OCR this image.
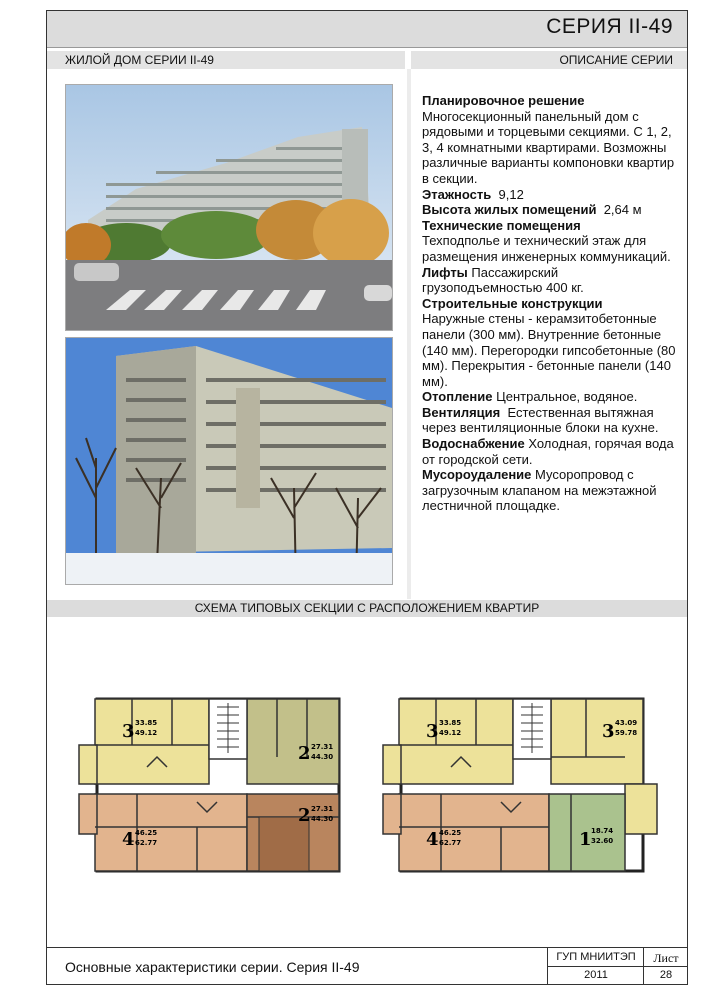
СЕРИЯ II-49
ЖИЛОЙ ДОМ СЕРИИ II-49	ОПИСАНИЕ СЕРИИ
Планировочное решение
Многосекционный панельный дом с рядовыми и торцевыми секциями. С 1, 2, 3, 4 комнатными квартирами. Возможны различные варианты компоновки квартир в секции.
Этажность  9,12
Высота жилых помещений  2,64 м
Технические помещения
Техподполье и технический этаж для размещения инженерных коммуникаций.
Лифты Пассажирский грузоподъемностью 400 кг.
Строительные конструкции
Наружные стены - керамзитобетонные панели (300 мм). Внутренние бетонные (140 мм). Перегородки гипсобетонные (80 мм). Перекрытия - бетонные панели (140 мм).
Отопление Центральное, водяное.
Вентиляция  Естественная вытяжная через вентиляционные блоки на кухне.
Водоснабжение Холодная, горячая вода от городской сети.
Мусороудаление Мусоропровод с загрузочным клапаном на межэтажной лестничной площадке.
СХЕМА ТИПОВЫХ СЕКЦИИ С РАСПОЛОЖЕНИЕМ КВАРТИР
3 33.85
49.12
2 27.31
44.30
4 46.25
62.77
2 27.31
44.30
3 33.85
49.12	3 43.09
59.78
4 46.25
62.77	1 18.74
32.60
Основные характеристики серии. Серия II-49
ГУП МНИИТЭП
2011
Лист
28
